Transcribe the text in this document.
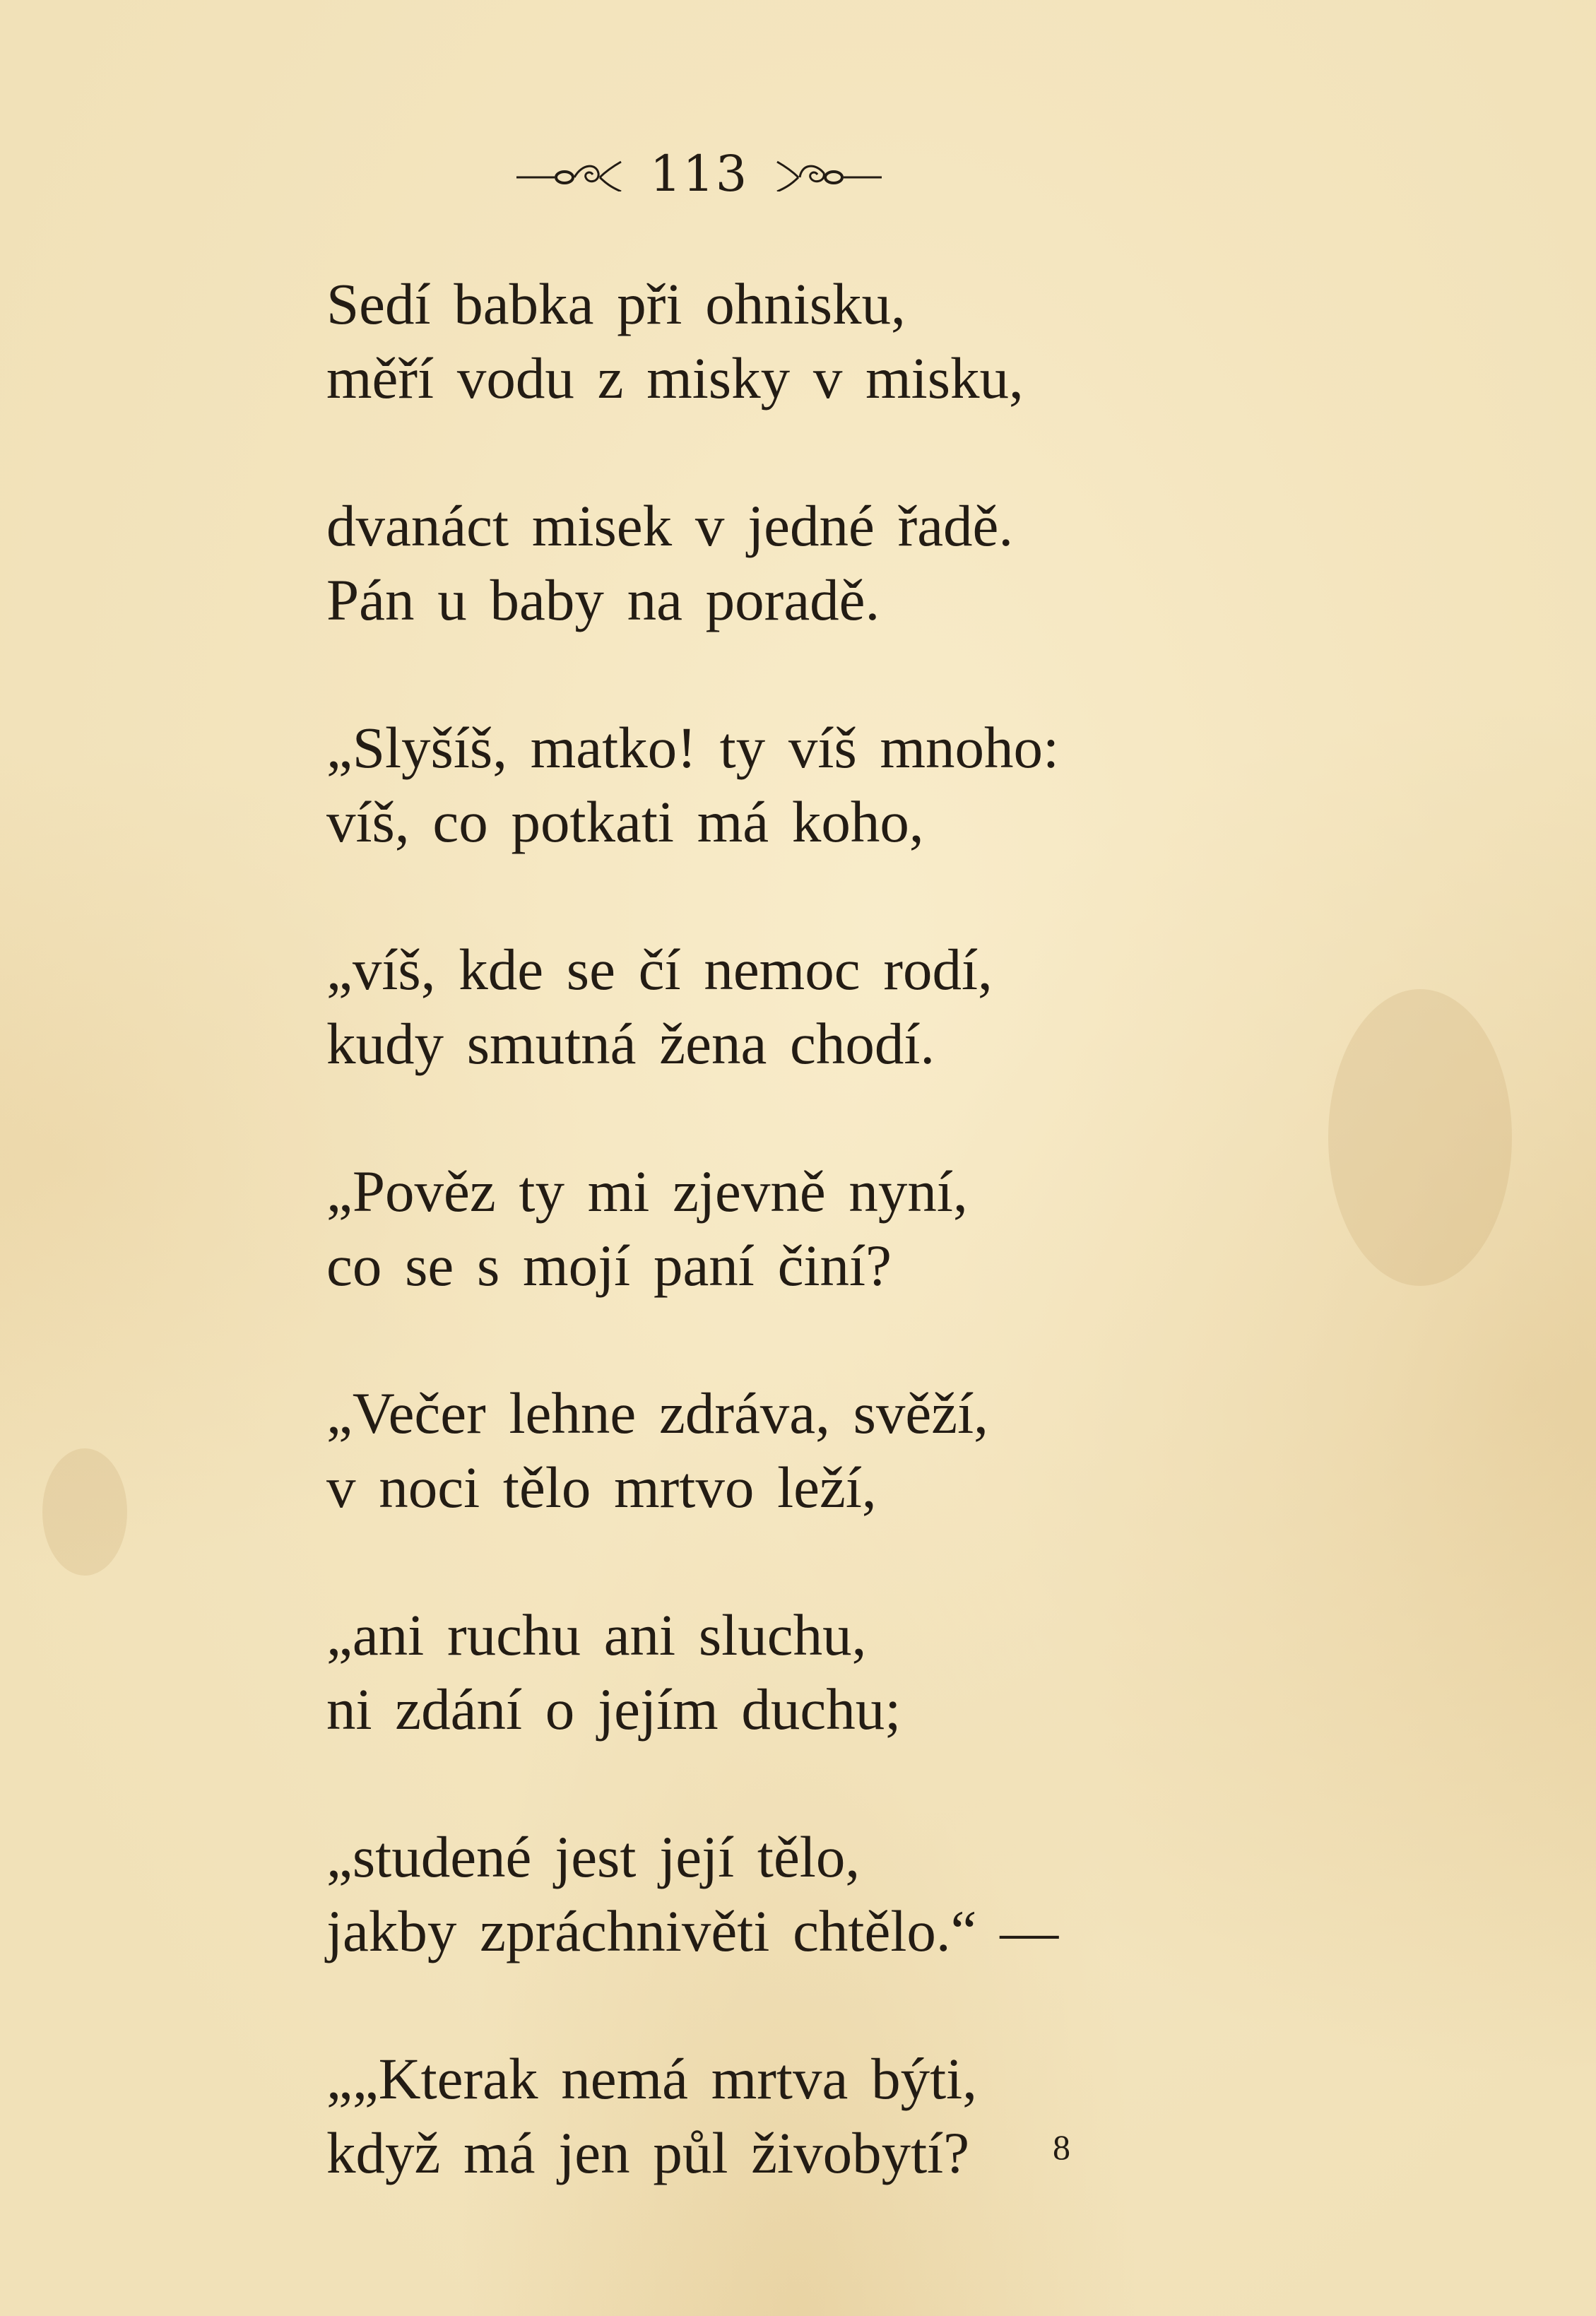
113
Sedí babka při ohnisku,
měří vodu z misky v misku,
dvanáct misek v jedné řadě.
Pán u baby na poradě.
„Slyšíš, matko! ty víš mnoho:
víš, co potkati má koho,
„víš, kde se čí nemoc rodí,
kudy smutná žena chodí.
„Pověz ty mi zjevně nyní,
co se s mojí paní činí?
„Večer lehne zdráva, svěží,
v noci tělo mrtvo leží,
„ani ruchu ani sluchu,
ni zdání o jejím duchu;
„studené jest její tělo,
jakby zpráchnivěti chtělo.“ —
„„Kterak nemá mrtva býti,
když má jen půl živobytí?	8
